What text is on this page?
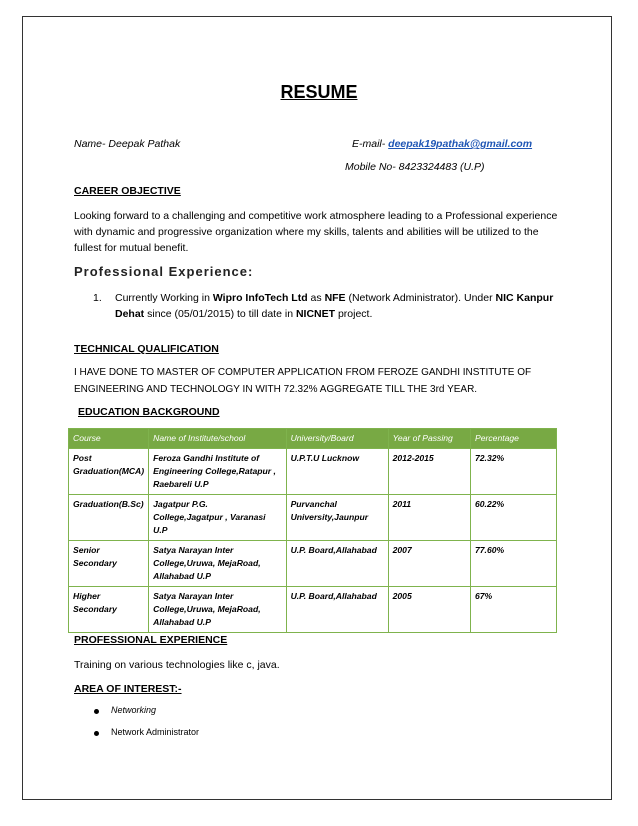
RESUME
Name- Deepak Pathak	E-mail- deepak19pathak@gmail.com
Mobile No- 8423324483 (U.P)
CAREER OBJECTIVE
Looking forward to a challenging and competitive work atmosphere leading to a Professional experience
with dynamic and progressive organization where my skills, talents and abilities will be utilized to the
fullest for mutual benefit.
Professional Experience:
1. Currently Working in Wipro InfoTech Ltd as NFE (Network Administrator). Under NIC Kanpur
Dehat since (05/01/2015) to till date in NICNET project.
TECHNICAL QUALIFICATION
I HAVE DONE TO MASTER OF COMPUTER APPLICATION FROM FEROZE GANDHI INSTITUTE OF
ENGINEERING AND TECHNOLOGY IN WITH 72.32% AGGREGATE TILL THE 3rd YEAR.
EDUCATION BACKGROUND
Course	Name of Institute/school	University/Board	Year of Passing	Percentage
Post
Graduation(MCA)	Feroza Gandhi Institute of
Engineering College,Ratapur ,
Raebareli U.P	U.P.T.U Lucknow	2012-2015	72.32%
Graduation(B.Sc)	Jagatpur P.G.
College,Jagatpur , Varanasi
U.P	Purvanchal
University,Jaunpur	2011	60.22%
Senior Secondary	Satya Narayan Inter
College,Uruwa, MejaRoad,
Allahabad U.P	U.P. Board,Allahabad	2007	77.60%
Higher Secondary	Satya Narayan Inter
College,Uruwa, MejaRoad,
Allahabad U.P	U.P. Board,Allahabad	2005	67%
PROFESSIONAL EXPERIENCE
Training on various technologies like c, java.
AREA OF INTEREST:-
Networking
Network Administrator
